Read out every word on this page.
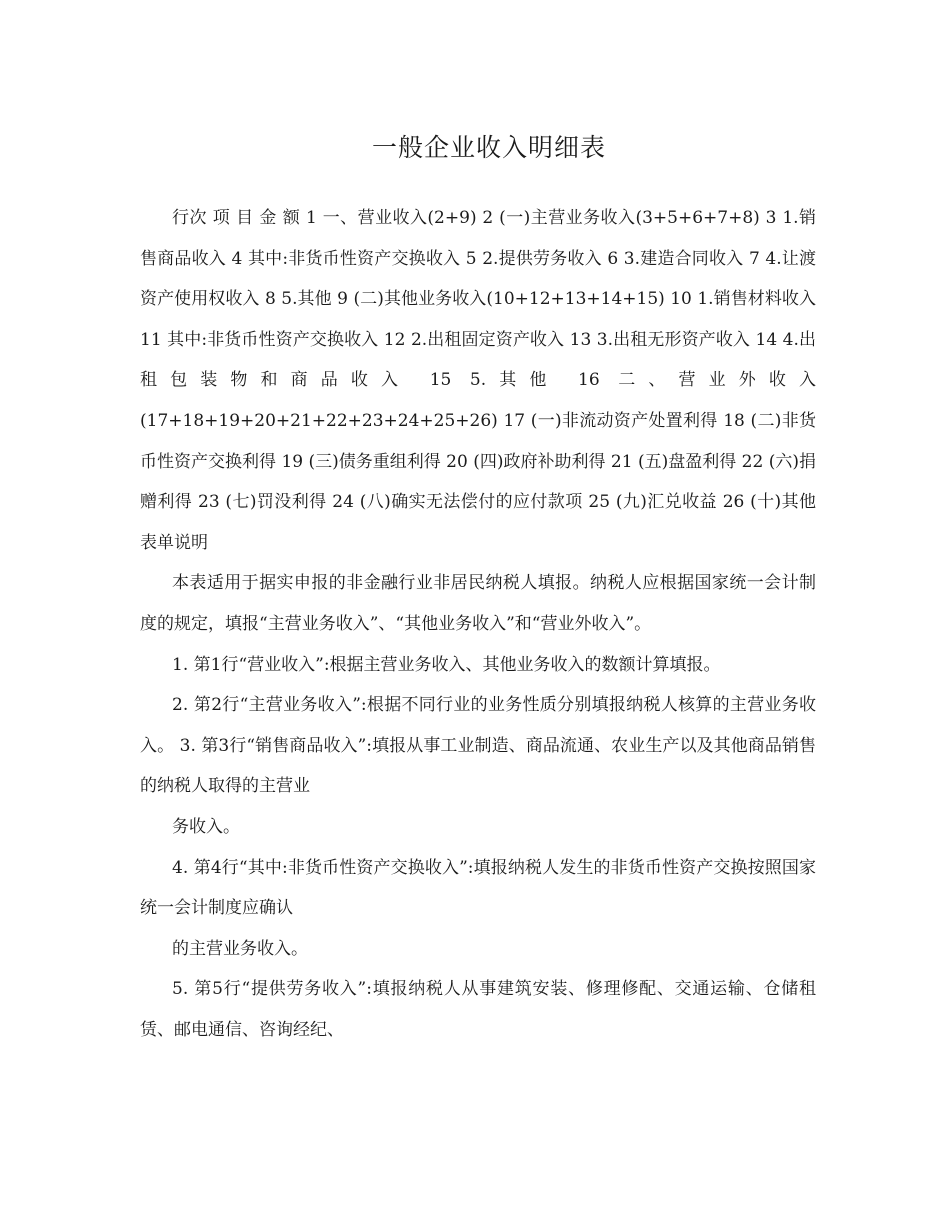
一般企业收入明细表

行次 项 目 金 额 1 一、营业收入(2+9) 2 (一)主营业务收入(3+5+6+7+8) 3 1.销售商品收入 4 其中:非货币性资产交换收入 5 2.提供劳务收入 6 3.建造合同收入 7 4.让渡资产使用权收入 8 5.其他 9 (二)其他业务收入(10+12+13+14+15) 10 1.销售材料收入 11 其中:非货币性资产交换收入 12 2.出租固定资产收入 13 3.出租无形资产收入 14 4.出租包装物和商品收入 15 5.其他 16 二、营业外收入(17+18+19+20+21+22+23+24+25+26) 17 (一)非流动资产处置利得 18 (二)非货币性资产交换利得 19 (三)债务重组利得 20 (四)政府补助利得 21 (五)盘盈利得 22 (六)捐赠利得 23 (七)罚没利得 24 (八)确实无法偿付的应付款项 25 (九)汇兑收益 26 (十)其他 表单说明

本表适用于据实申报的非金融行业非居民纳税人填报。纳税人应根据国家统一会计制度的规定，填报“主营业务收入”、“其他业务收入”和“营业外收入”。

1. 第1行“营业收入”:根据主营业务收入、其他业务收入的数额计算填报。

2. 第2行“主营业务收入”:根据不同行业的业务性质分别填报纳税人核算的主营业务收入。 3. 第3行“销售商品收入”:填报从事工业制造、商品流通、农业生产以及其他商品销售的纳税人取得的主营业

务收入。

4. 第4行“其中:非货币性资产交换收入”:填报纳税人发生的非货币性资产交换按照国家统一会计制度应确认

的主营业务收入。

5. 第5行“提供劳务收入”:填报纳税人从事建筑安装、修理修配、交通运输、仓储租赁、邮电通信、咨询经纪、
